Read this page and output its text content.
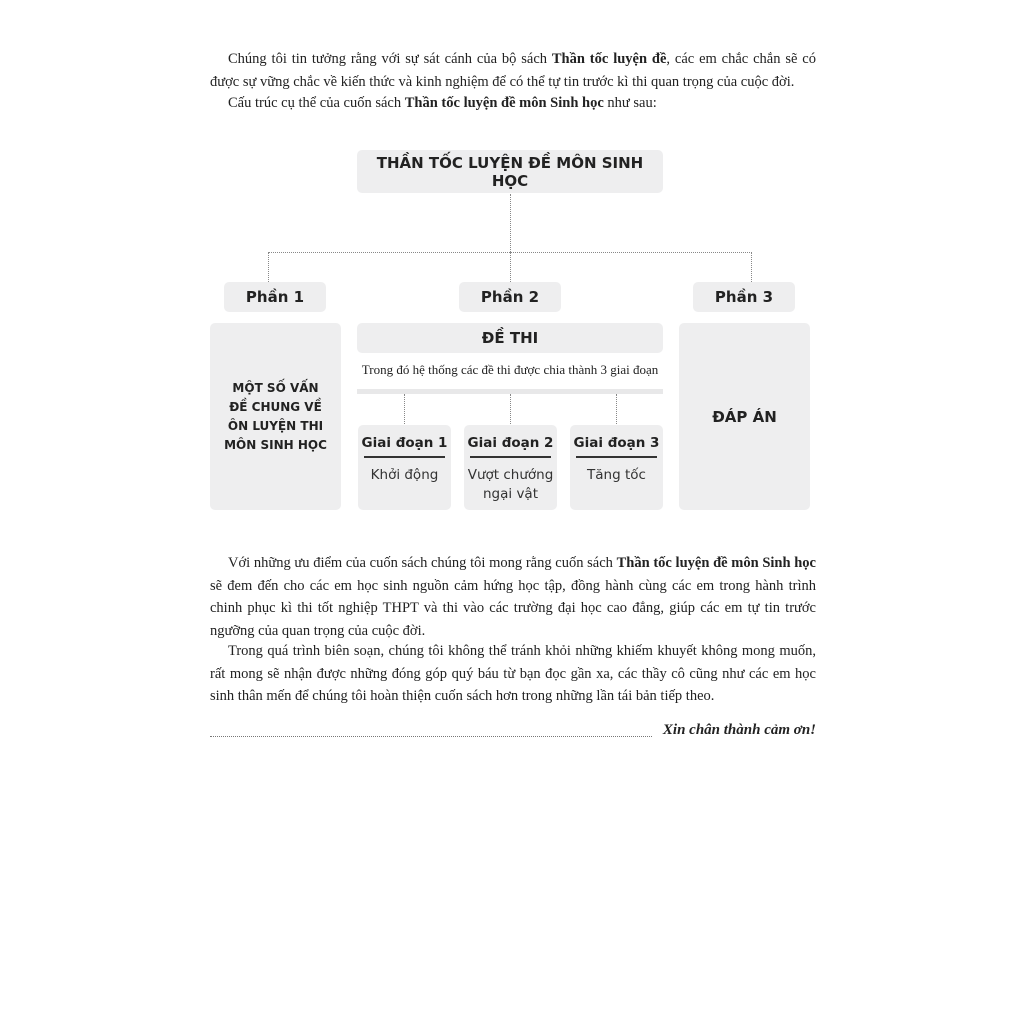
Chúng tôi tin tưởng rằng với sự sát cánh của bộ sách Thần tốc luyện đề, các em chắc chắn sẽ có được sự vững chắc về kiến thức và kinh nghiệm để có thể tự tin trước kì thi quan trọng của cuộc đời.

Cấu trúc cụ thể của cuốn sách Thần tốc luyện đề môn Sinh học như sau:

THẦN TỐC LUYỆN ĐỀ MÔN SINH HỌC
Phần 1	Phần 2	Phần 3
MỘT SỐ VẤN ĐỀ CHUNG VỀ ÔN LUYỆN THI MÔN SINH HỌC
ĐỀ THI
Trong đó hệ thống các đề thi được chia thành 3 giai đoạn
Giai đoạn 1
Khởi động
Giai đoạn 2
Vượt chướng ngại vật
Giai đoạn 3
Tăng tốc
ĐÁP ÁN

Với những ưu điểm của cuốn sách chúng tôi mong rằng cuốn sách Thần tốc luyện đề môn Sinh học sẽ đem đến cho các em học sinh nguồn cảm hứng học tập, đồng hành cùng các em trong hành trình chinh phục kì thi tốt nghiệp THPT và thi vào các trường đại học cao đẳng, giúp các em tự tin trước ngưỡng của quan trọng của cuộc đời.

Trong quá trình biên soạn, chúng tôi không thể tránh khỏi những khiếm khuyết không mong muốn, rất mong sẽ nhận được những đóng góp quý báu từ bạn đọc gần xa, các thầy cô cũng như các em học sinh thân mến để chúng tôi hoàn thiện cuốn sách hơn trong những lần tái bản tiếp theo.

Xin chân thành cảm ơn!
